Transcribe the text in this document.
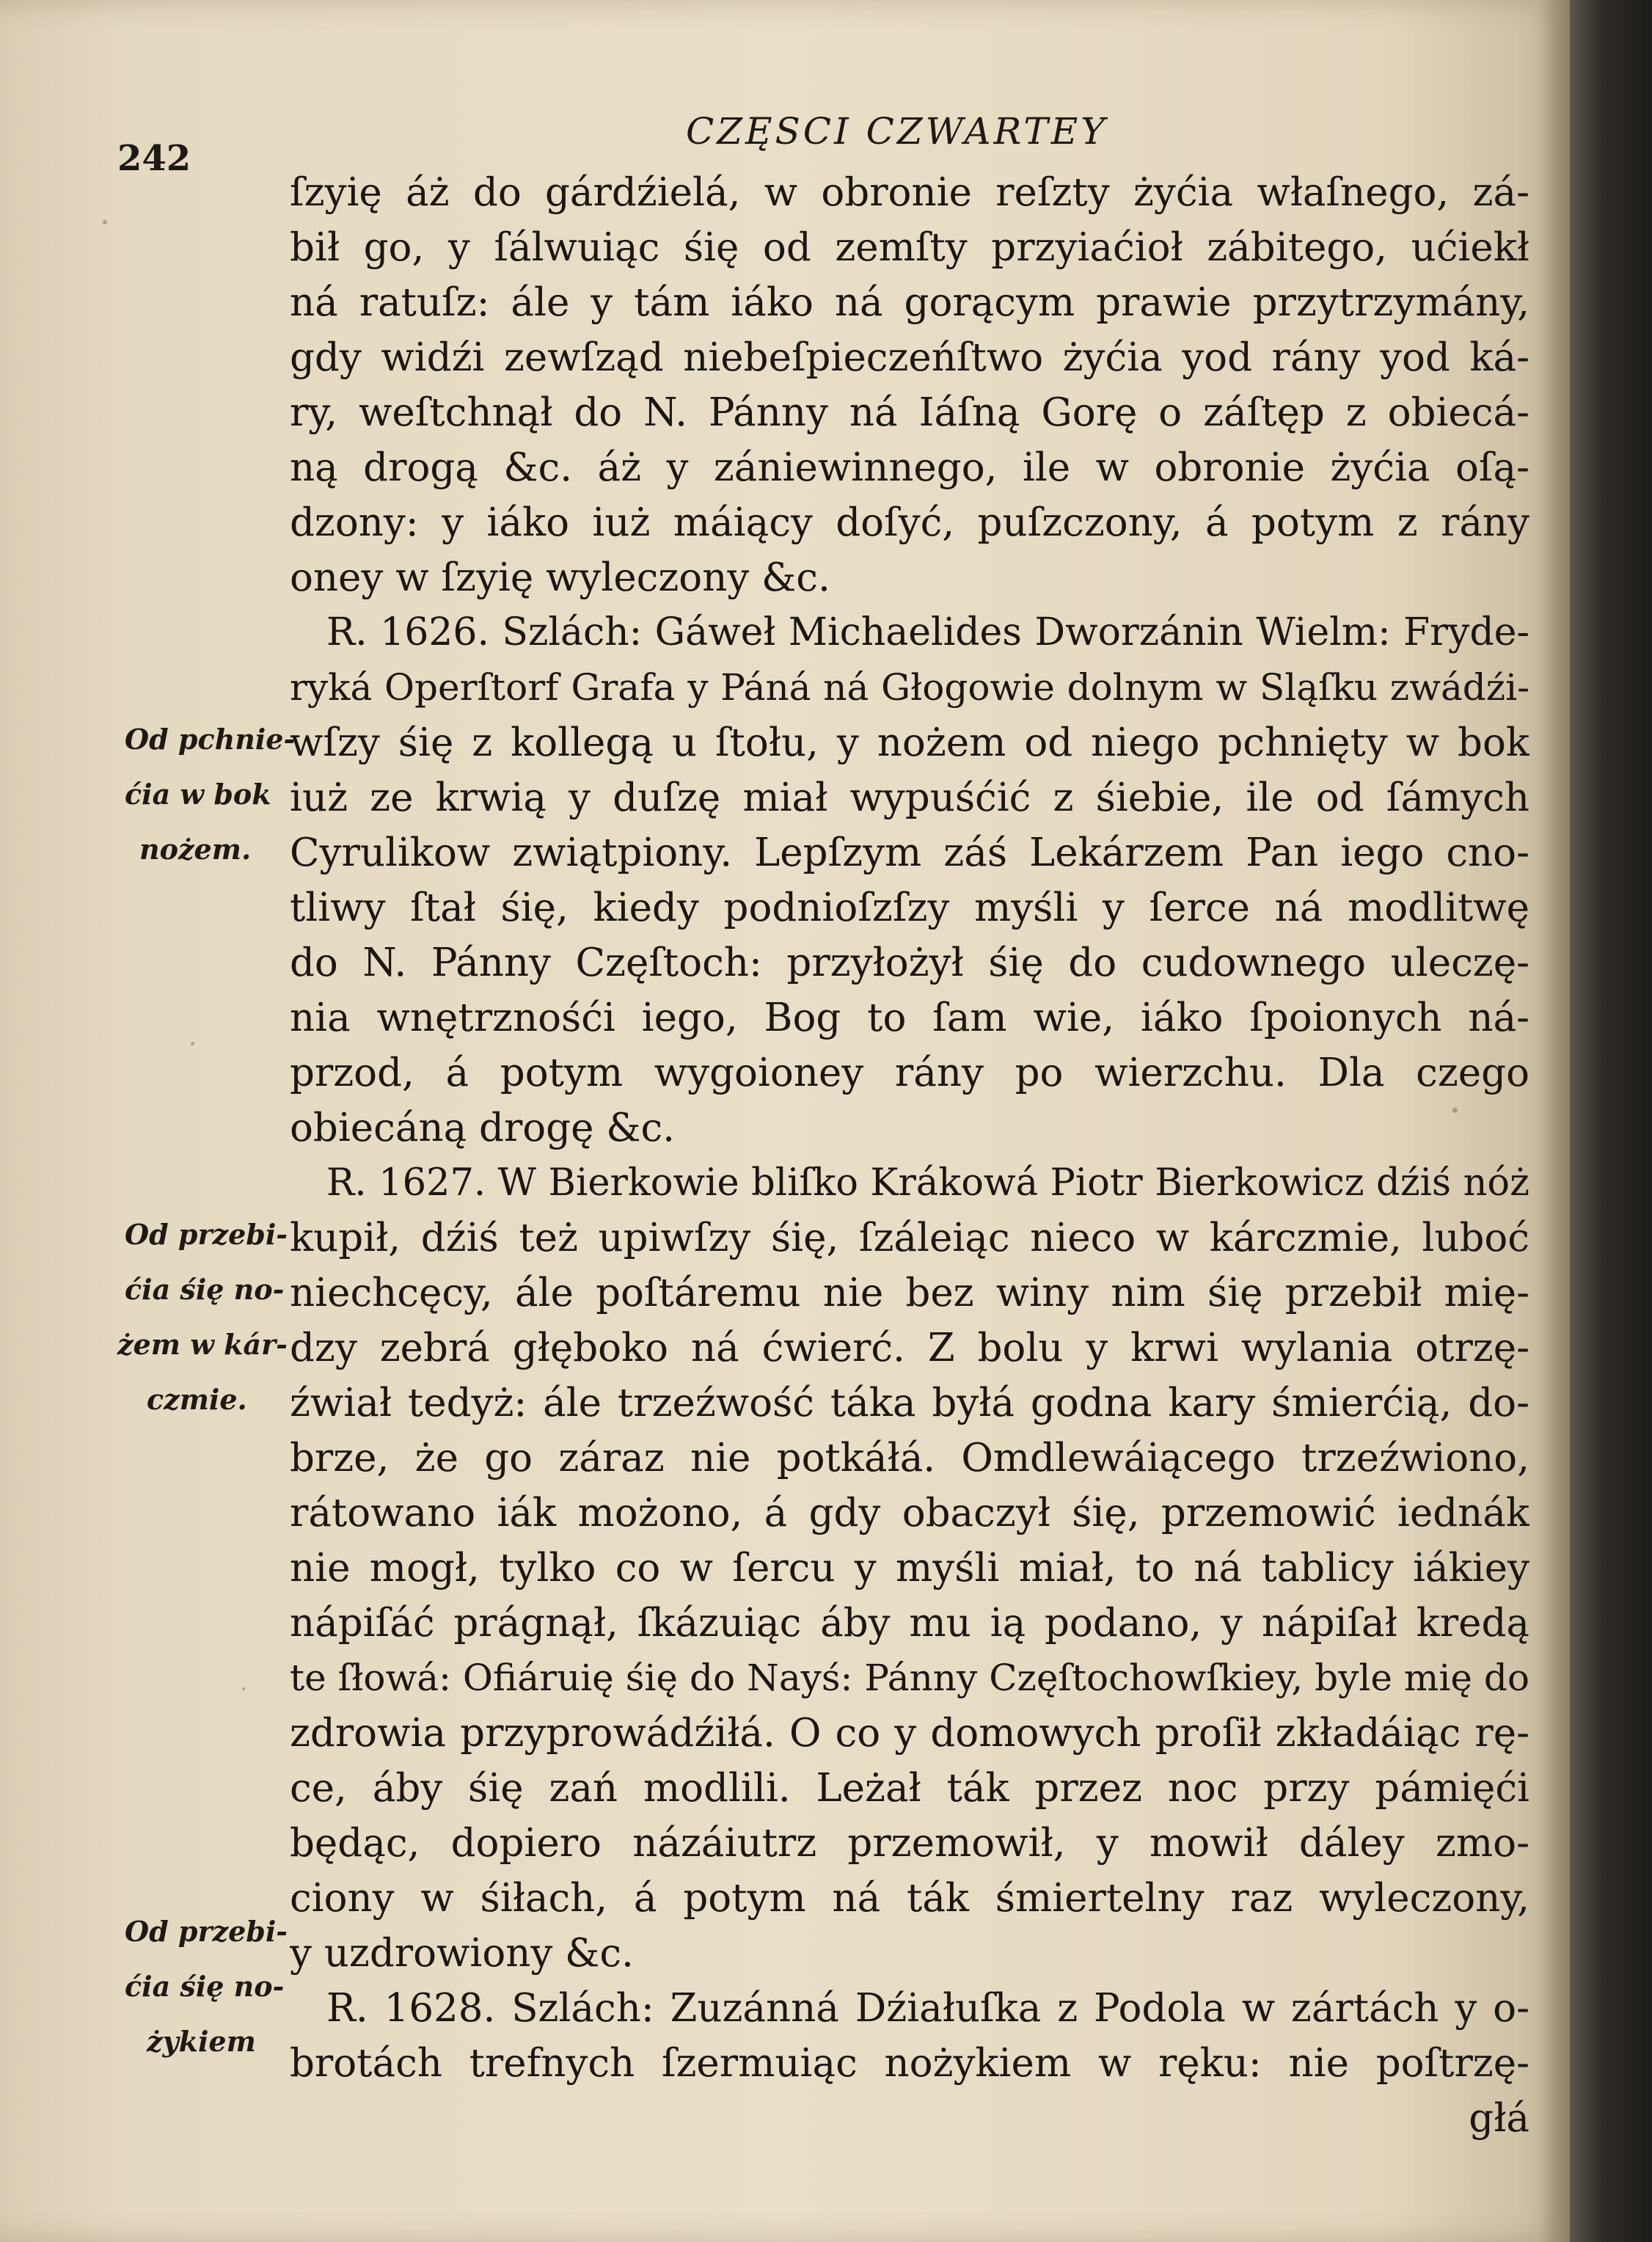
242
CZĘSCI CZWARTEY
ſzyię áż do gárdźielá, w obronie reſzty żyćia właſnego, zá-
bił go, y ſálwuiąc śię od zemſty przyiaćioł zábitego, ućiekł
ná ratuſz: ále y tám iáko ná gorącym prawie przytrzymány,
gdy widźi zewſząd niebeſpieczeńſtwo żyćia yod rány yod ká-
ry, weſtchnął do N. Pánny ná Iáſną Gorę o záſtęp z obiecá-
ną drogą &c. áż y zániewinnego, ile w obronie żyćia oſą-
dzony: y iáko iuż máiący doſyć, puſzczony, á potym z rány
oney w ſzyię wyleczony &c.
R. 1626. Szlách: Gáweł Michaelides Dworzánin Wielm: Fryde-
ryká Operſtorf Grafa y Páná ná Głogowie dolnym w Sląſku zwádźi-
wſzy śię z kollegą u ſtołu, y nożem od niego pchnięty w bok
iuż ze krwią y duſzę miał wypuśćić z śiebie, ile od ſámych
Cyrulikow zwiątpiony. Lepſzym záś Lekárzem Pan iego cno-
tliwy ſtał śię, kiedy podnioſzſzy myśli y ſerce ná modlitwę
do N. Pánny Częſtoch: przyłożył śię do cudownego uleczę-
nia wnętrznośći iego, Bog to ſam wie, iáko ſpoionych ná-
przod, á potym wygoioney rány po wierzchu. Dla czego
obiecáną drogę &c.
R. 1627. W Bierkowie bliſko Krákowá Piotr Bierkowicz dźiś nóż
kupił, dźiś też upiwſzy śię, ſzáleiąc nieco w kárczmie, luboć
niechcęcy, ále poſtáremu nie bez winy nim śię przebił mię-
dzy zebrá głęboko ná ćwierć. Z bolu y krwi wylania otrzę-
źwiał tedyż: ále trzeźwość táka byłá godna kary śmierćią, do-
brze, że go záraz nie potkáłá. Omdlewáiącego trzeźwiono,
rátowano iák możono, á gdy obaczył śię, przemowić iednák
nie mogł, tylko co w ſercu y myśli miał, to ná tablicy iákiey
nápiſáć prágnął, ſkázuiąc áby mu ią podano, y nápiſał kredą
te ſłowá: Ofiáruię śię do Nayś: Pánny Częſtochowſkiey, byle mię do
zdrowia przyprowádźiłá. O co y domowych proſił zkładáiąc rę-
ce, áby śię zań modlili. Leżał ták przez noc przy pámięći
będąc, dopiero názáiutrz przemowił, y mowił dáley zmo-
ciony w śiłach, á potym ná ták śmiertelny raz wyleczony,
y uzdrowiony &c.
R. 1628. Szlách: Zuzánná Dźiałuſka z Podola w zártách y o-
brotách trefnych ſzermuiąc nożykiem w ręku: nie poſtrzę-
głá
Od pchnie-
ćia w bok
nożem.
Od przebi-
ćia śię no-
żem w kár-
czmie.
Od przebi-
ćia śię no-
żykiem
